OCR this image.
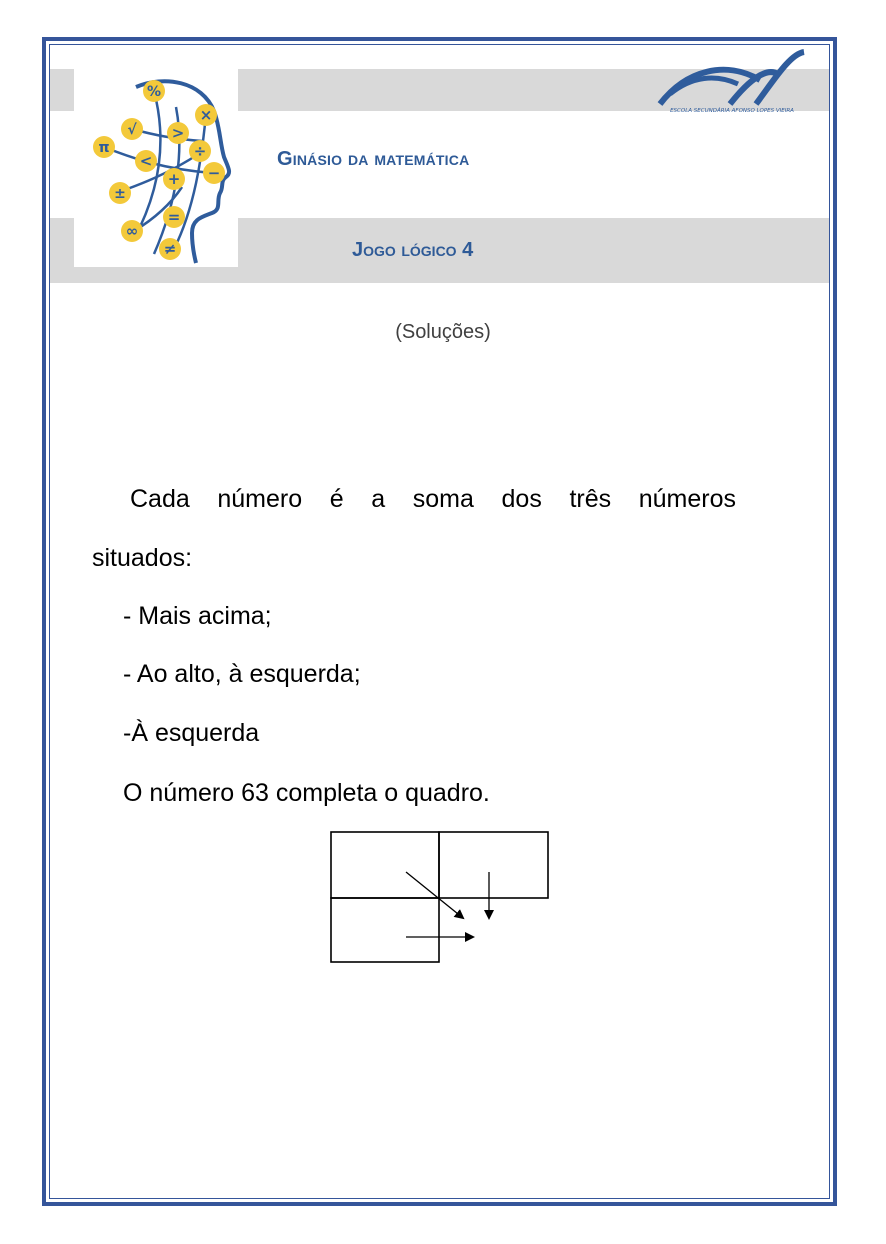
%
×
√ >
π	÷
<
−
+
±
=
∞
≠
ESCOLA SECUNDÁRIA AFONSO LOPES VIEIRA
Ginásio da matemática
Jogo lógico 4
(Soluções)
Cada número é a soma dos três números
situados:
- Mais acima;
- Ao alto, à esquerda;
-À esquerda
O número 63 completa o quadro.
